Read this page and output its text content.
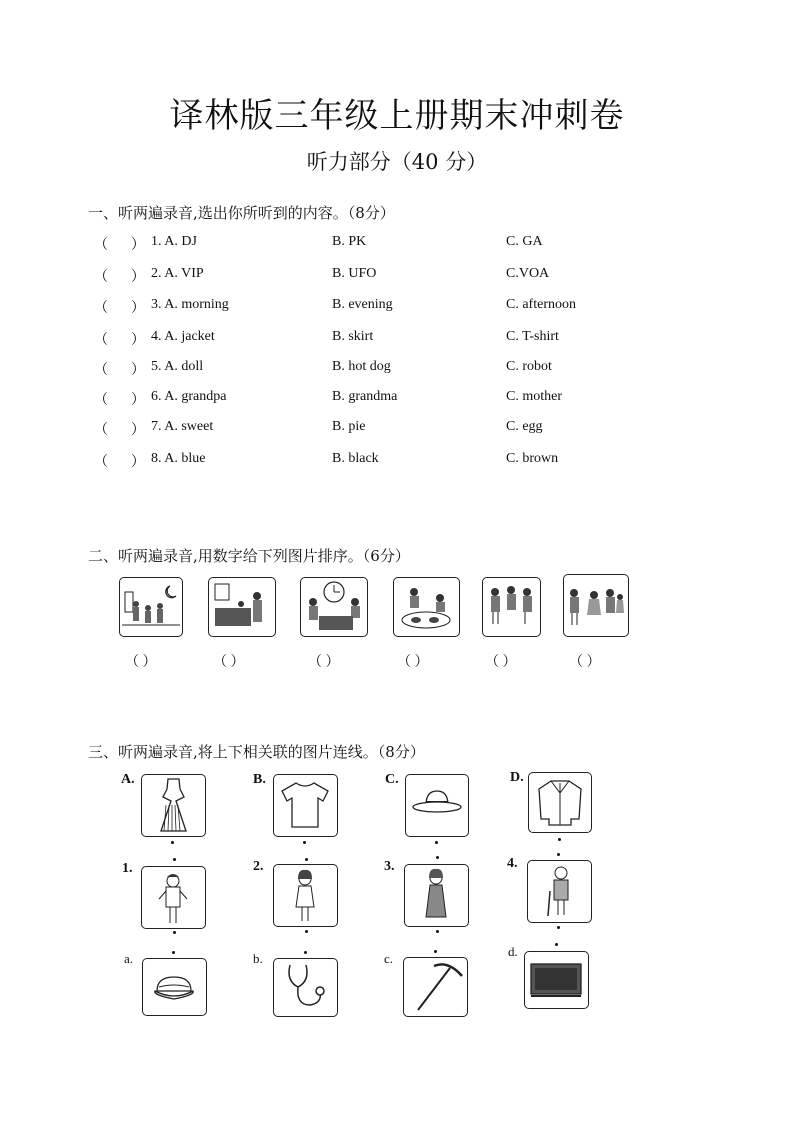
译林版三年级上册期末冲刺卷
听力部分（40 分）
一、听两遍录音,选出你所听到的内容。（8分）
（ ） 1. A. DJ	B. PK	C. GA
（ ） 2. A. VIP	B. UFO	C.VOA
（ ） 3. A. morning	B. evening	C. afternoon
（ ） 4. A. jacket	B. skirt	C. T-shirt
（ ） 5. A. doll	B. hot dog	C. robot
（ ） 6. A. grandpa	B. grandma	C. mother
（ ） 7. A. sweet	B. pie	C. egg
（ ） 8. A. blue	B. black	C. brown
二、听两遍录音,用数字给下列图片排序。（6分）
（ ）	（ ）	（ ）	（ ）	（ ）	（ ）
三、听两遍录音,将上下相关联的图片连线。（8分）
A.	B.	C.	D.
1.	2.	3.	4.
a.	b.	c.	d.
